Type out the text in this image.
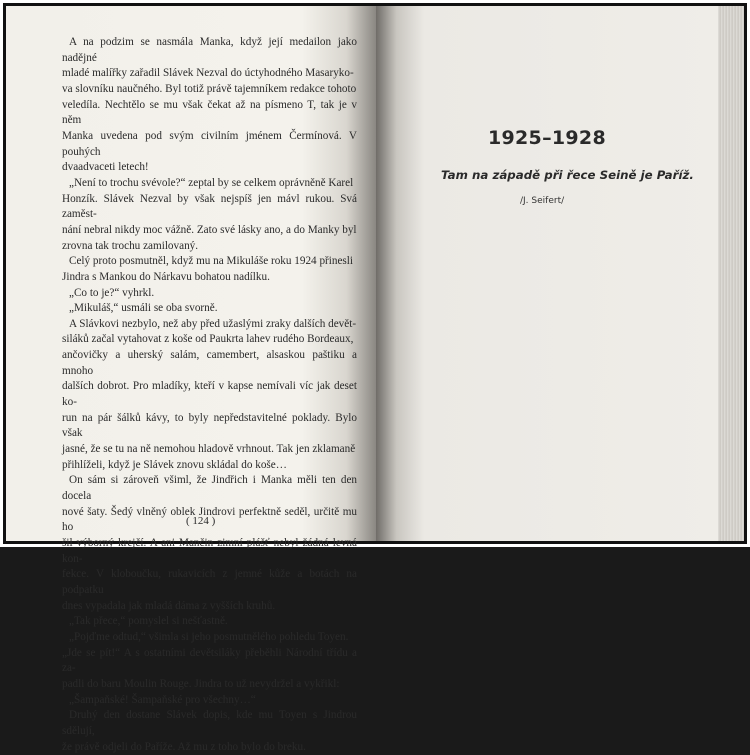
A na podzim se nasmála Manka, když její medailon jako nadějné

mladé malířky zařadil Slávek Nezval do úctyhodného Masaryko-

va slovníku naučného. Byl totiž právě tajemníkem redakce tohoto

veledíla. Nechtělo se mu však čekat až na písmeno T, tak je v něm

Manka uvedena pod svým civilním jménem Čermínová. V pouhých

dvaadvaceti letech!

„Není to trochu svévole?“ zeptal by se celkem oprávněně Karel

Honzík. Slávek Nezval by však nejspíš jen mávl rukou. Svá zaměst-

nání nebral nikdy moc vážně. Zato své lásky ano, a do Manky byl

zrovna tak trochu zamilovaný.

Celý proto posmutněl, když mu na Mikuláše roku 1924 přinesli

Jindra s Mankou do Nárkavu bohatou nadílku.

„Co to je?“ vyhrkl.

„Mikuláš,“ usmáli se oba svorně.

A Slávkovi nezbylo, než aby před užaslými zraky dalších devět-

siláků začal vytahovat z koše od Paukrta lahev rudého Bordeaux,

ančovičky a uherský salám, camembert, alsaskou paštiku a mnoho

dalších dobrot. Pro mladíky, kteří v kapse nemívali víc jak deset ko-

run na pár šálků kávy, to byly nepředstavitelné poklady. Bylo však

jasné, že se tu na ně nemohou hladově vrhnout. Tak jen zklamaně

přihlíželi, když je Slávek znovu skládal do koše…

On sám si zároveň všiml, že Jindřich i Manka měli ten den docela

nové šaty. Šedý vlněný oblek Jindrovi perfektně seděl, určitě mu ho

šil výborný krejčí. A ani Mančin zimní plášť nebyl žádná levná kon-

fekce. V kloboučku, rukavicích z jemné kůže a botách na podpatku

dnes vypadala jak mladá dáma z vyšších kruhů.

„Tak přece,“ pomyslel si nešťastně.

„Pojďme odtud,“ všimla si jeho posmutnělého pohledu Toyen.

„Jde se pít!“ A s ostatními devětsiláky přeběhli Národní třídu a za-

padli do baru Moulin Rouge. Jindra to už nevydržel a vykřikl:

„Šampaňské! Šampaňské pro všechny…“

Druhý den dostane Slávek dopis, kde mu Toyen s Jindrou sdělují,

že právě odjeli do Paříže. Až mu z toho bylo do breku.

( 124 )
1925–1928
Tam na západě při řece Seině je Paříž.
/J. Seifert/
